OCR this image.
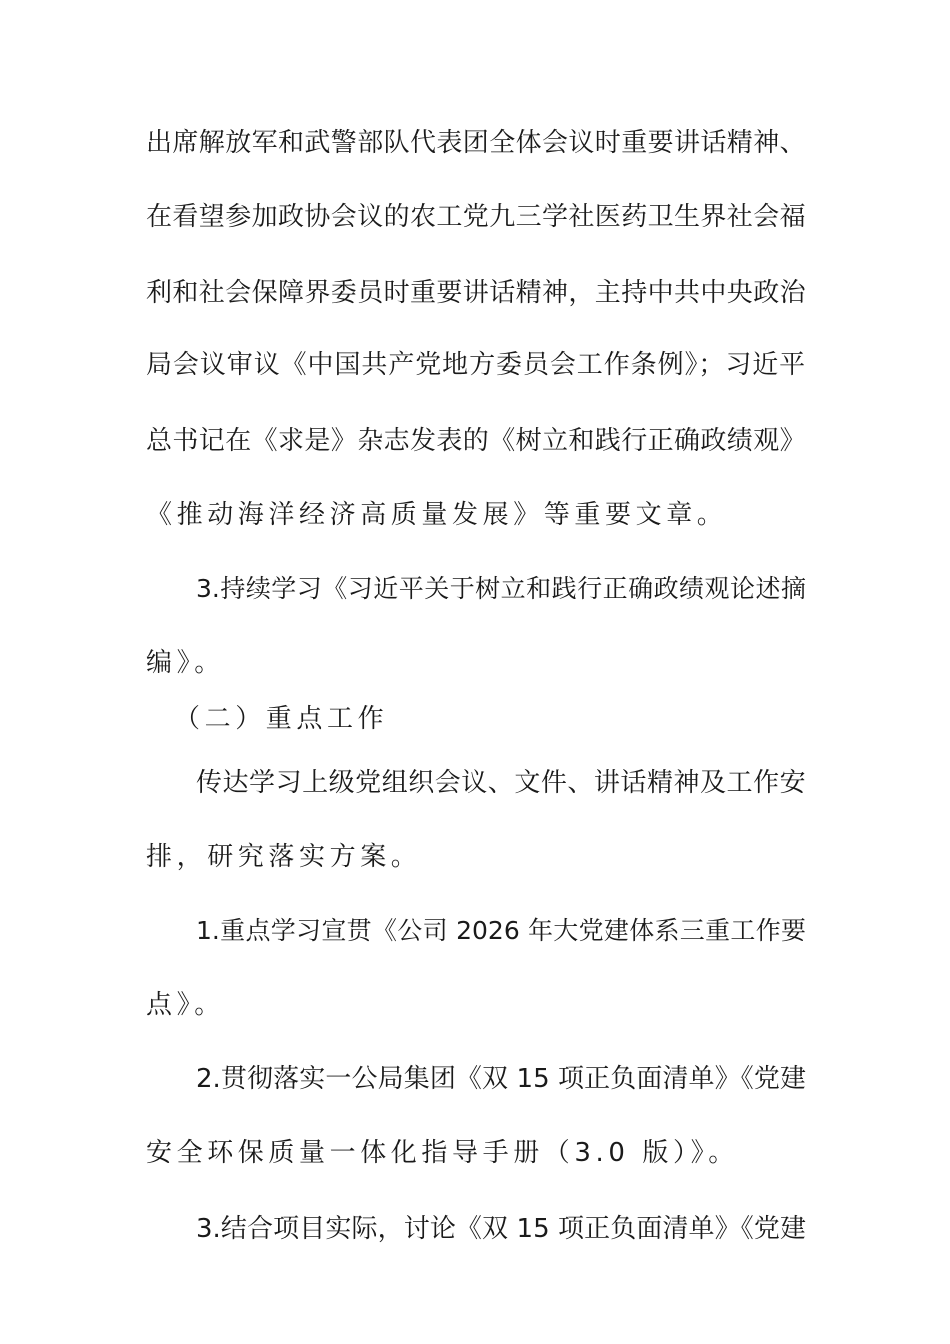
出席解放军和武警部队代表团全体会议时重要讲话精神、
在看望参加政协会议的农工党九三学社医药卫生界社会福
利和社会保障界委员时重要讲话精神，主持中共中央政治
局会议审议《中国共产党地方委员会工作条例》；习近平
总书记在《求是》杂志发表的《树立和践行正确政绩观》
《推动海洋经济高质量发展》等重要文章。
3.持续学习《习近平关于树立和践行正确政绩观论述摘
编》。
（二）重点工作
传达学习上级党组织会议、文件、讲话精神及工作安
排，研究落实方案。
1.重点学习宣贯《公司 2026 年大党建体系三重工作要
点》。
2.贯彻落实一公局集团《双 15 项正负面清单》《党建
安全环保质量一体化指导手册（3.0 版）》。
3.结合项目实际，讨论《双 15 项正负面清单》《党建
